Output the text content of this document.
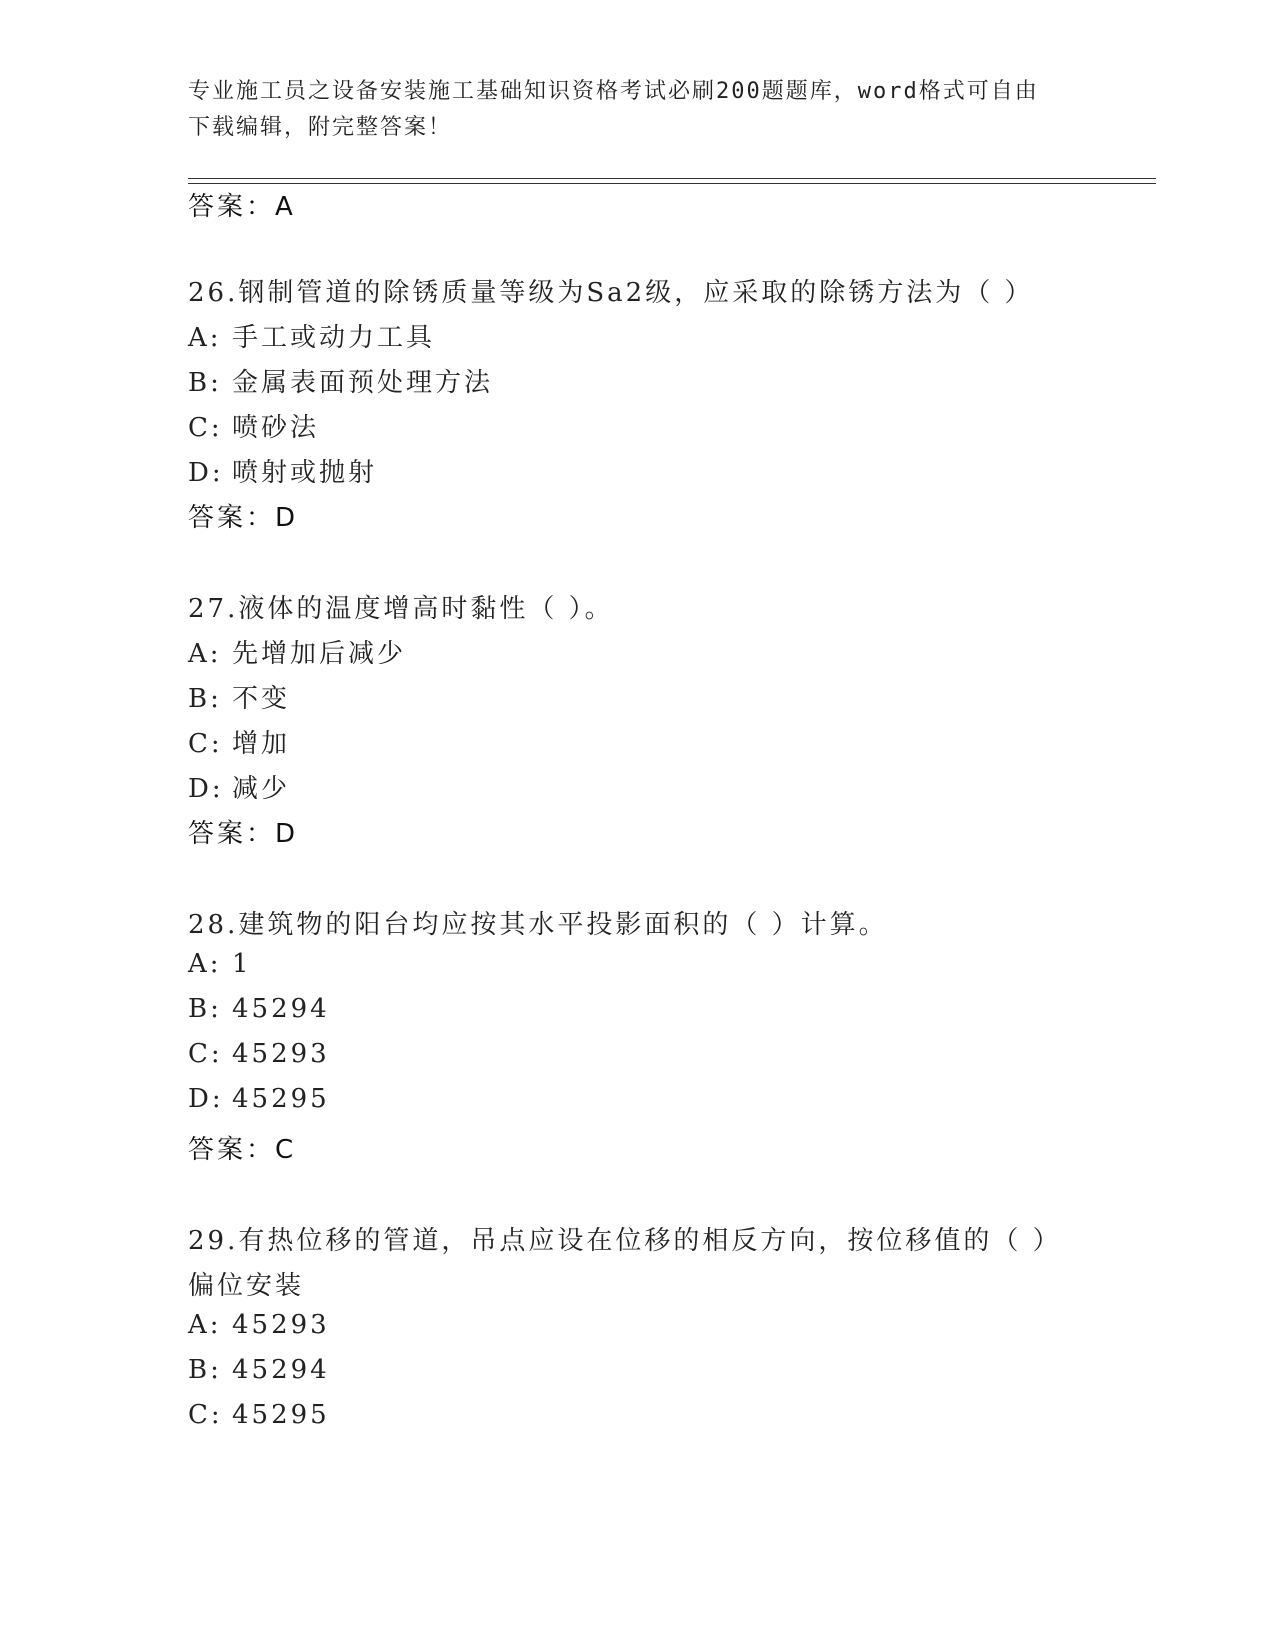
专业施工员之设备安装施工基础知识资格考试必刷200题题库，word格式可自由
下载编辑，附完整答案！
答案：A
26.钢制管道的除锈质量等级为Sa2级，应采取的除锈方法为（ ）
A: 手工或动力工具
B: 金属表面预处理方法
C: 喷砂法
D: 喷射或抛射
答案：D
27.液体的温度增高时黏性（ ）。
A: 先增加后减少
B: 不变
C: 增加
D: 减少
答案：D
28.建筑物的阳台均应按其水平投影面积的（ ）计算。
A: 1
B: 45294
C: 45293
D: 45295
答案：C
29.有热位移的管道，吊点应设在位移的相反方向，按位移值的（ ）
偏位安装
A: 45293
B: 45294
C: 45295
